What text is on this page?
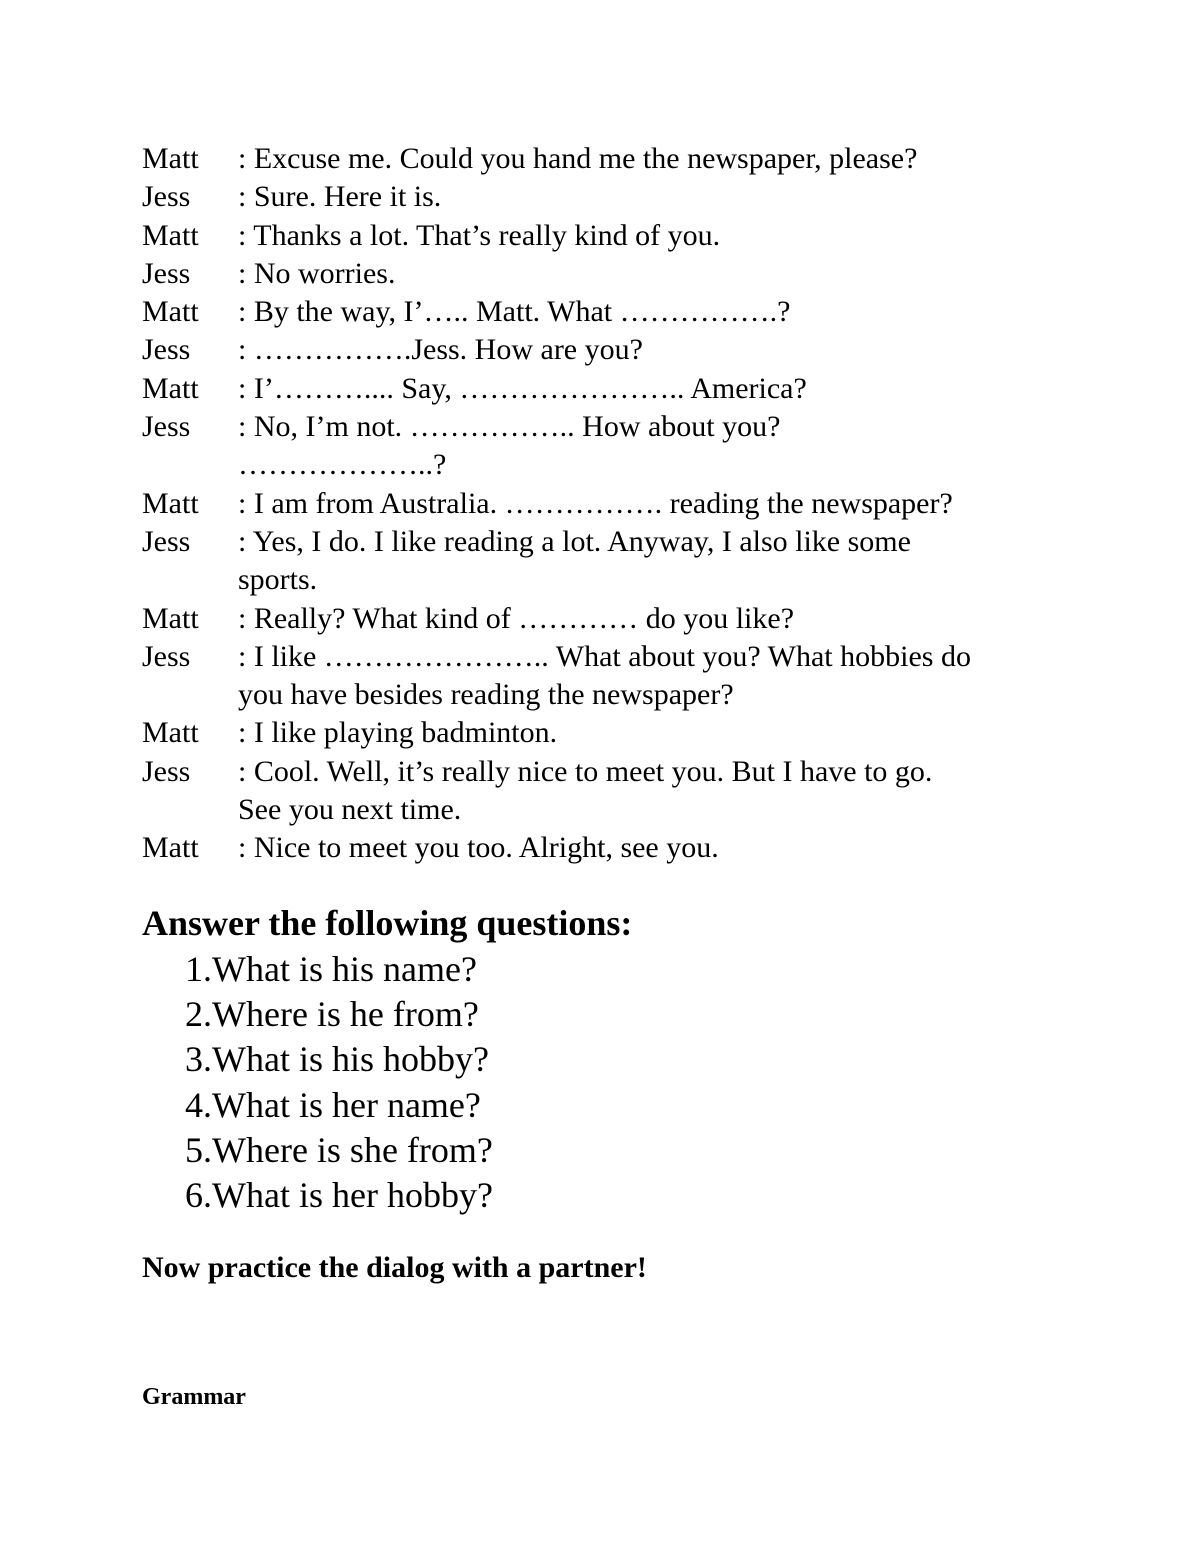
Matt	: Excuse me. Could you hand me the newspaper, please?
Jess	: Sure. Here it is.
Matt	: Thanks a lot. That’s really kind of you.
Jess	: No worries.
Matt	: By the way, I’….. Matt. What …………….?
Jess	: …………….Jess. How are you?
Matt	: I’……….... Say, ………………….. America?
Jess	: No, I’m not. …………….. How about you?
………………..?
Matt	: I am from Australia. ……………. reading the newspaper?
Jess	: Yes, I do. I like reading a lot. Anyway, I also like some
sports.
Matt	: Really? What kind of ………… do you like?
Jess	: I like ………………….. What about you? What hobbies do
you have besides reading the newspaper?
Matt	: I like playing badminton.
Jess	: Cool. Well, it’s really nice to meet you. But I have to go.
See you next time.
Matt	: Nice to meet you too. Alright, see you.
Answer the following questions:
1. What is his name?
2. Where is he from?
3. What is his hobby?
4. What is her name?
5. Where is she from?
6. What is her hobby?

Now practice the dialog with a partner!

Grammar
